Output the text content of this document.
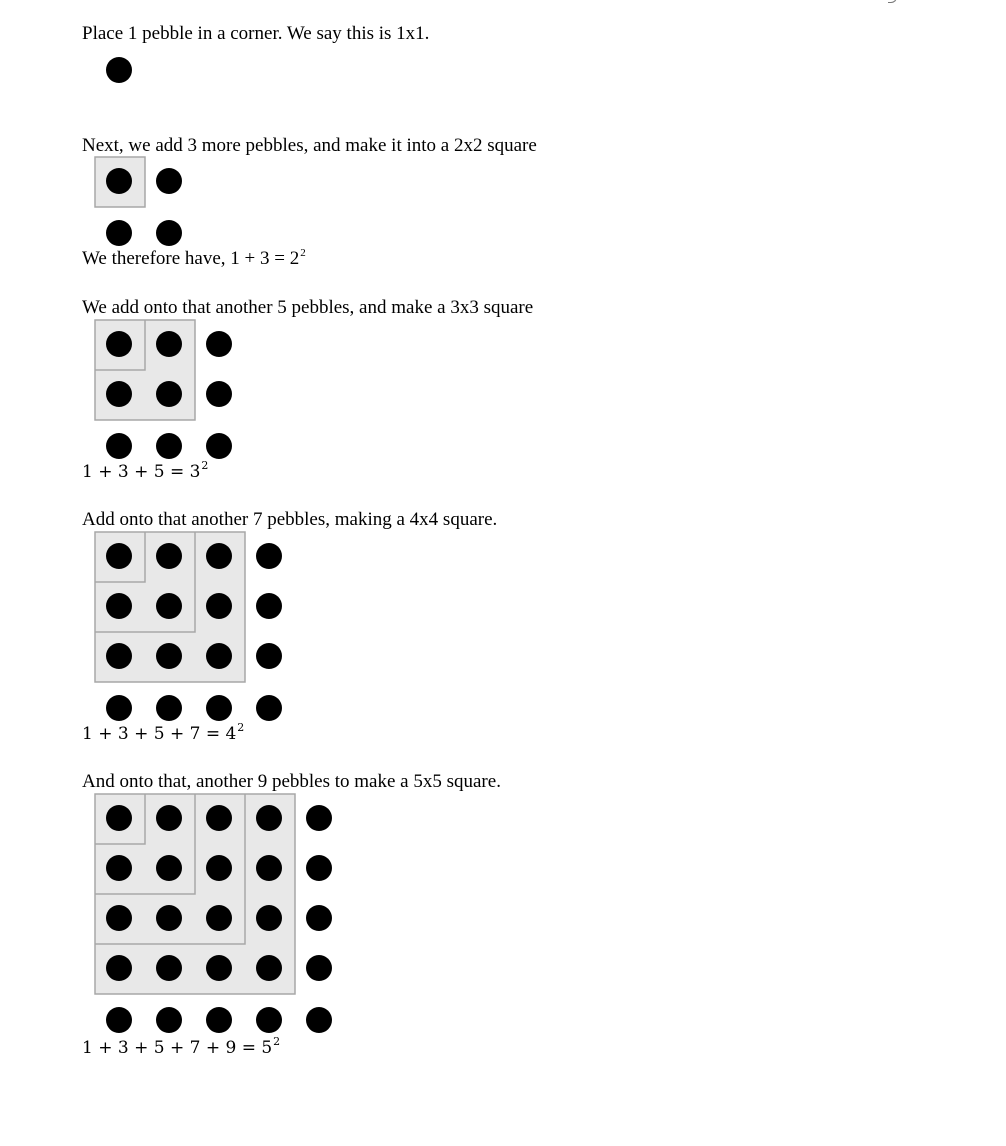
Place 1 pebble in a corner. We say this is 1x1.
Next, we add 3 more pebbles, and make it into a 2x2 square
We therefore have, $1 + 3 = 2^2$
We add onto that another 5 pebbles, and make a 3x3 square
$1 + 3 + 5 = 3^2$
Add onto that another 7 pebbles, making a 4x4 square.
$1 + 3 + 5 + 7 = 4^2$
And onto that, another 9 pebbles to make a 5x5 square.
$1 + 3 + 5 + 7 + 9 = 5^2$
